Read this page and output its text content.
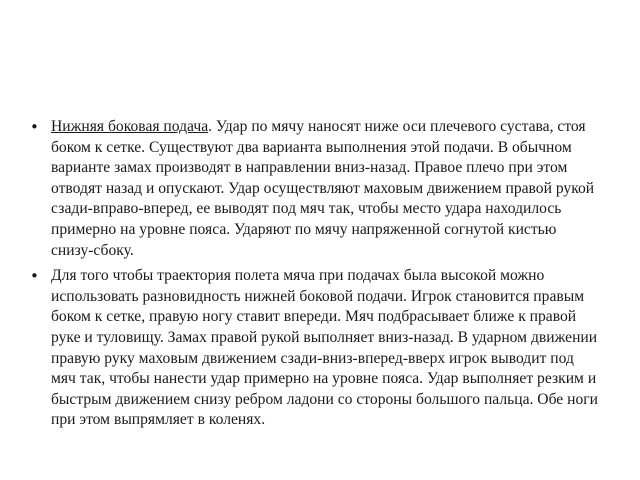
• Нижняя боковая подача. Удар по мячу наносят ниже оси плечевого сустава, стоя боком к сетке. Существуют два варианта выполнения этой подачи. В обычном варианте замах производят в направлении вниз-назад. Правое плечо при этом отводят назад и опускают. Удар осуществляют маховым движением правой рукой сзади-вправо-вперед, ее выводят под мяч так, чтобы место удара находилось примерно на уровне пояса. Ударяют по мячу напряженной согнутой кистью снизу-сбоку.
• Для того чтобы траектория полета мяча при подачах была высокой можно использовать разновидность нижней боковой подачи. Игрок становится правым боком к сетке, правую ногу ставит впереди. Мяч подбрасывает ближе к правой руке и туловищу. Замах правой рукой выполняет вниз-назад. В ударном движении правую руку маховым движением сзади-вниз-вперед-вверх игрок выводит под мяч так, чтобы нанести удар примерно на уровне пояса. Удар выполняет резким и быстрым движением снизу ребром ладони со стороны большого пальца. Обе ноги при этом выпрямляет в коленях.
